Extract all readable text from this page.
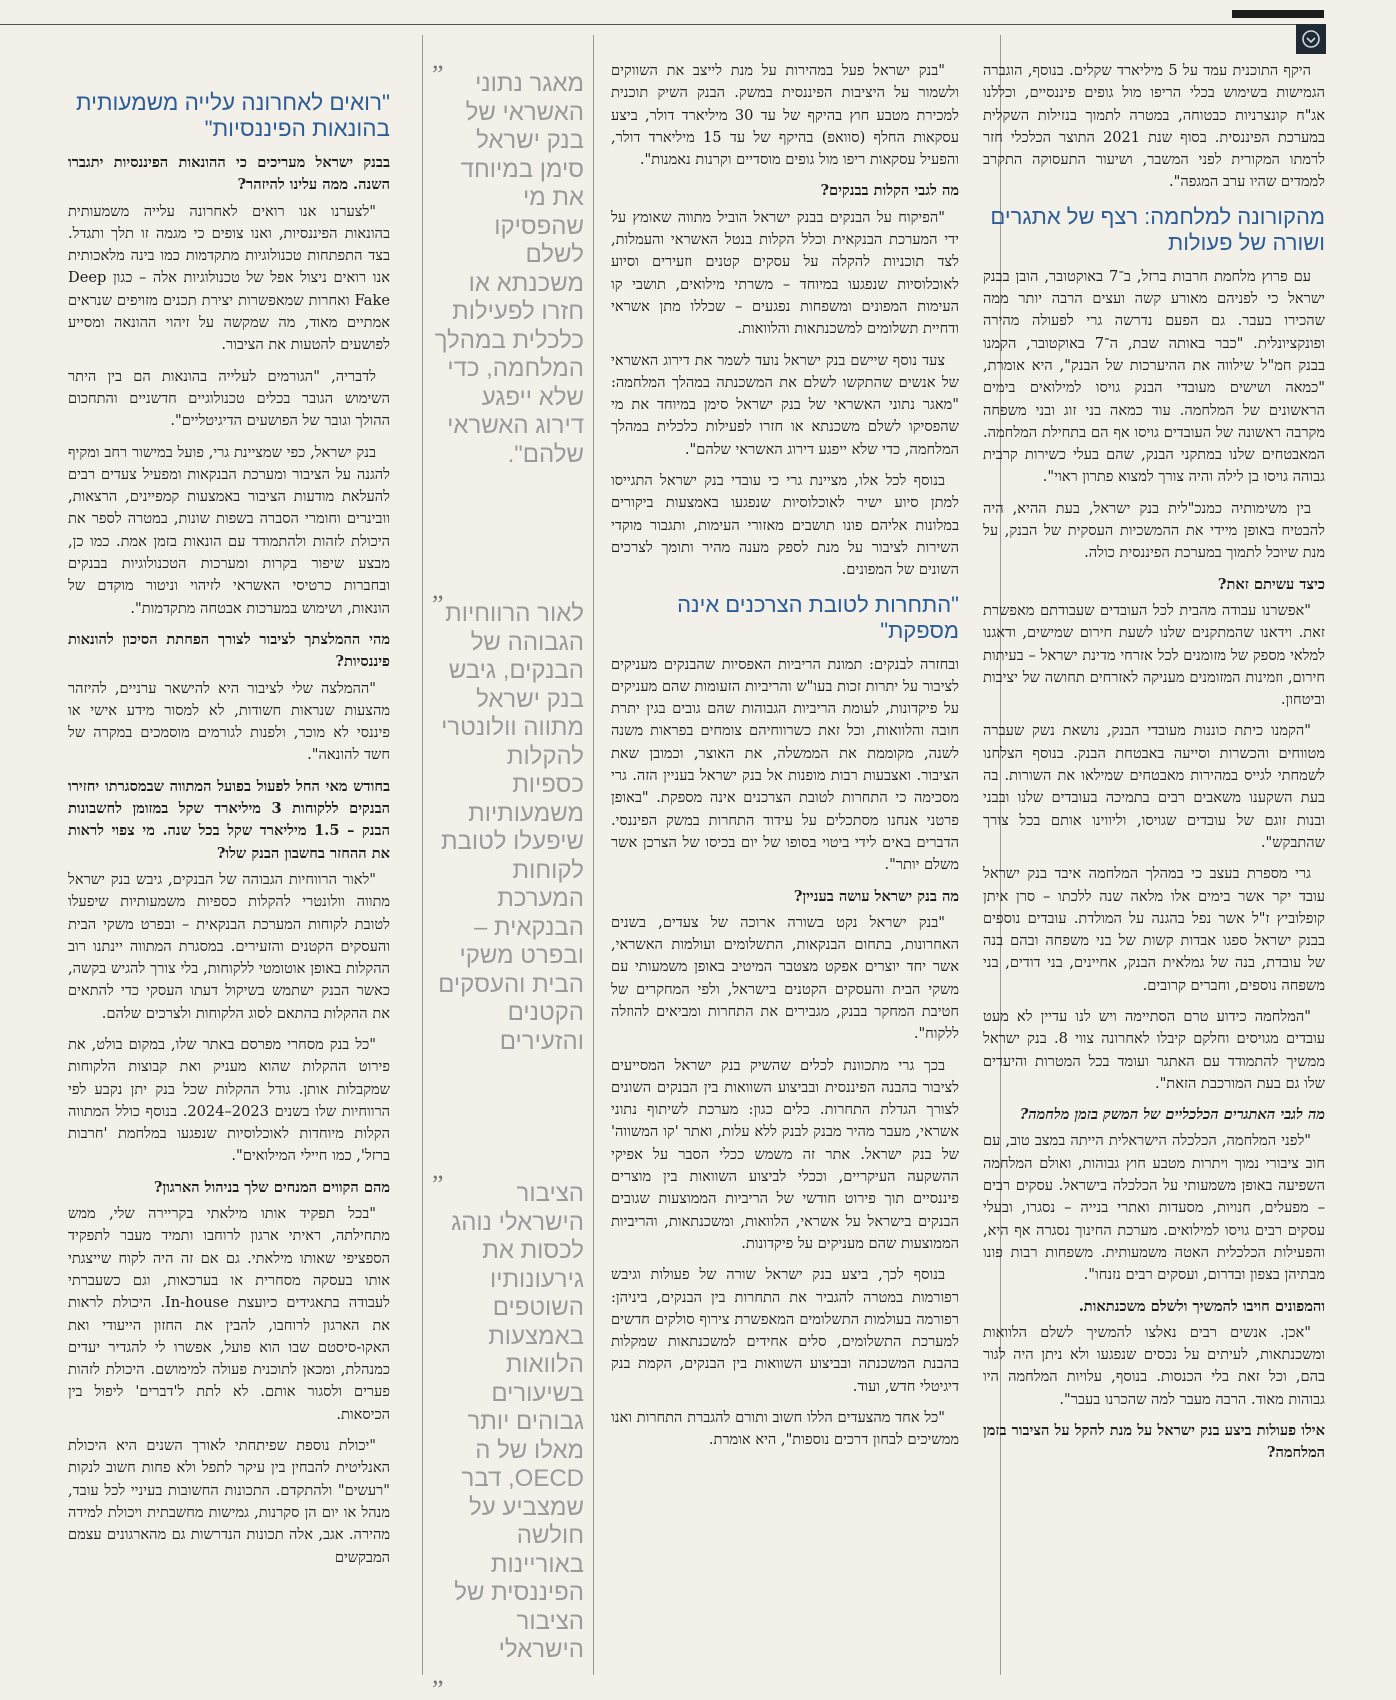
היקף התוכנית עמד על 5 מיליארד שקלים. בנוסף, הוגברה הגמישות בשימוש בכלי הריפו מול גופים פיננסיים, וכללנו אג"ח קונצרניות כבטוחה, במטרה לתמוך בנזילות השקלית במערכת הפיננסית. בסוף שנת 2021 התוצר הכלכלי חזר לרמתו המקורית לפני המשבר, ושיעור התעסוקה התקרב לממדים שהיו ערב המגפה".

מהקורונה למלחמה: רצף של אתגרים ושורה של פעולות

עם פרוץ מלחמת חרבות ברזל, ב־7 באוקטובר, הובן בבנק ישראל כי לפניהם מאורע קשה ועצים הרבה יותר ממה שהכירו בעבר. גם הפעם נדרשה גרי לפעולה מהירה ופונקציונלית. "כבר באותה שבת, ה־7 באוקטובר, הקמנו בבנק חמ"ל שילווה את ההיערכות של הבנק", היא אומרת, "כמאה ושישים מעובדי הבנק גויסו למילואים בימים הראשונים של המלחמה. עוד כמאה בני זוג ובני משפחה מקרבה ראשונה של העובדים גויסו אף הם בתחילת המלחמה. המאבטחים שלנו במתקני הבנק, שהם בעלי כשירות קרבית גבוהה גויסו בן לילה והיה צורך למצוא פתרון ראוי".

בין משימותיה כמנכ"לית בנק ישראל, בעת ההיא, היה להבטיח באופן מיידי את ההמשכיות העסקית של הבנק, על מנת שיוכל לתמוך במערכת הפיננסית כולה.

כיצד עשיתם זאת?

"אפשרנו עבודה מהבית לכל העובדים שעבודתם מאפשרת זאת. וידאנו שהמתקנים שלנו לשעת חירום שמישים, ודאגנו למלאי מספק של מזומנים לכל אזרחי מדינת ישראל – בעיתות חירום, וזמינות המזומנים מעניקה לאזרחים תחושה של יציבות וביטחון.

"הקמנו כיתת כוננות מעובדי הבנק, נושאת נשק שעברה מטווחים והכשרות וסייעה באבטחת הבנק. בנוסף הצלחנו לשמחתי לגייס במהירות מאבטחים שמילאו את השורות. בה בעת השקענו משאבים רבים בתמיכה בעובדים שלנו ובבני ובנות זוגם של עובדים שגויסו, וליווינו אותם בכל צורך שהתבקש".

גרי מספרת בעצב כי במהלך המלחמה איבד בנק ישראל עובד יקר אשר בימים אלו מלאה שנה ללכתו – סרן איתן קופלוביץ ז"ל אשר נפל בהגנה על המולדת. עובדים נוספים בבנק ישראל ספגו אבדות קשות של בני משפחה ובהם בנה של עובדת, בנה של גמלאית הבנק, אחיינים, בני דודים, בני משפחה נוספים, וחברים קרובים.

"המלחמה כידוע טרם הסתיימה ויש לנו עדיין לא מעט עובדים מגויסים וחלקם קיבלו לאחרונה צווי 8. בנק ישראל ממשיך להתמודד עם האתגר ועומד בכל המטרות והיעדים שלו גם בעת המורכבת הזאת".

מה לגבי האתגרים הכלכליים של המשק בזמן מלחמה?

"לפני המלחמה, הכלכלה הישראלית הייתה במצב טוב, עם חוב ציבורי נמוך ויתרות מטבע חוץ גבוהות, ואולם המלחמה השפיעה באופן משמעותי על הכלכלה בישראל. עסקים רבים – מפעלים, חנויות, מסעדות ואתרי בנייה – נסגרו, ובעלי עסקים רבים גויסו למילואים. מערכת החינוך נסגרה אף היא, והפעילות הכלכלית האטה משמעותית. משפחות רבות פונו מבתיהן בצפון ובדרום, ועסקים רבים נזנחו".

והמפונים חויבו להמשיך ולשלם משכנתאות.

"אכן. אנשים רבים נאלצו להמשיך לשלם הלוואות ומשכנתאות, לעיתים על נכסים שנפגעו ולא ניתן היה לגור בהם, וכל זאת בלי הכנסות. בנוסף, עלויות המלחמה היו גבוהות מאוד. הרבה מעבר למה שהכרנו בעבר".

אילו פעולות ביצע בנק ישראל על מנת להקל על הציבור בזמן המלחמה?

"בנק ישראל פעל במהירות על מנת לייצב את השווקים ולשמור על היציבות הפיננסית במשק. הבנק השיק תוכנית למכירת מטבע חוץ בהיקף של עד 30 מיליארד דולר, ביצע עסקאות החלף (סוואפ) בהיקף של עד 15 מיליארד דולר, והפעיל עסקאות ריפו מול גופים מוסדיים וקרנות נאמנות".

מה לגבי הקלות בבנקים?

"הפיקוח על הבנקים בבנק ישראל הוביל מתווה שאומץ על ידי המערכת הבנקאית וכלל הקלות בנטל האשראי והעמלות, לצד תוכניות להקלה על עסקים קטנים וזעירים וסיוע לאוכלוסיות שנפגעו במיוחד – משרתי מילואים, תושבי קו העימות המפונים ומשפחות נפגעים – שכללו מתן אשראי ודחיית תשלומים למשכנתאות והלוואות.

צעד נוסף שיישם בנק ישראל נועד לשמר את דירוג האשראי של אנשים שהתקשו לשלם את המשכנתה במהלך המלחמה: "מאגר נתוני האשראי של בנק ישראל סימן במיוחד את מי שהפסיקו לשלם משכנתא או חזרו לפעילות כלכלית במהלך המלחמה, כדי שלא ייפגע דירוג האשראי שלהם".

בנוסף לכל אלו, מציינת גרי כי עובדי בנק ישראל התגייסו למתן סיוע ישיר לאוכלוסיות שנפגעו באמצעות ביקורים במלונות אליהם פונו תושבים מאזורי העימות, ותגבור מוקדי השירות לציבור על מנת לספק מענה מהיר ותומך לצרכים השונים של המפונים.

"התחרות לטובת הצרכנים אינה מספקת"

ובחזרה לבנקים: תמונת הריביות האפסיות שהבנקים מעניקים לציבור על יתרות זכות בעו"ש והריביות הזעומות שהם מעניקים על פיקדונות, לעומת הריביות הגבוהות שהם גובים בגין יתרת חובה והלוואות, וכל זאת כשרווחיהם צומחים בפראות משנה לשנה, מקוממת את הממשלה, את האוצר, וכמובן שאת הציבור. ואצבעות רבות מופנות אל בנק ישראל בעניין הזה. גרי מסכימה כי התחרות לטובת הצרכנים אינה מספקת. "באופן פרטני אנחנו מסתכלים על עידוד התחרות במשק הפיננסי. הדברים באים לידי ביטוי בסופו של יום בכיסו של הצרכן אשר משלם יותר".

מה בנק ישראל עושה בעניין?

"בנק ישראל נקט בשורה ארוכה של צעדים, בשנים האחרונות, בתחום הבנקאות, התשלומים ועולמות האשראי, אשר יחד יוצרים אפקט מצטבר המיטיב באופן משמעותי עם משקי הבית והעסקים הקטנים בישראל, ולפי המחקרים של חטיבת המחקר בבנק, מגבירים את התחרות ומביאים להוזלה ללקוח".

בכך גרי מתכוונת לכלים שהשיק בנק ישראל המסייעים לציבור בהבנה הפיננסית ובביצוע השוואות בין הבנקים השונים לצורך הגדלת התחרות. כלים כגון: מערכת לשיתוף נתוני אשראי, מעבר מהיר מבנק לבנק ללא עלות, ואתר 'קו המשווה' של בנק ישראל. אתר זה משמש ככלי הסבר על אפיקי ההשקעה העיקריים, וככלי לביצוע השוואות בין מוצרים פיננסיים תוך פירוט חודשי של הריביות הממוצעות שגובים הבנקים בישראל על אשראי, הלוואות, ומשכנתאות, והריביות הממוצעות שהם מעניקים על פיקדונות.

בנוסף לכך, ביצע בנק ישראל שורה של פעולות וגיבש רפורמות במטרה להגביר את התחרות בין הבנקים, ביניהן: רפורמה בעולמות התשלומים המאפשרת צירוף סולקים חדשים למערכת התשלומים, סלים אחידים למשכנתאות שמקלות בהבנת המשכנתה ובביצוע השוואות בין הבנקים, הקמת בנק דיגיטלי חדש, ועוד.

"כל אחד מהצעדים הללו חשוב ותורם להגברת התחרות ואנו ממשיכים לבחון דרכים נוספות", היא אומרת.

"רואים לאחרונה עלייה משמעותית בהונאות הפיננסיות"

בבנק ישראל מעריכים כי ההונאות הפיננסיות יתגברו השנה. ממה עלינו להיזהר?

"לצערנו אנו רואים לאחרונה עלייה משמעותית בהונאות הפיננסיות, ואנו צופים כי מגמה זו תלך ותגדל. בצד התפתחות טכנולוגיות מתקדמות כמו בינה מלאכותית אנו רואים ניצול אפל של טכנולוגיות אלה – כגון Deep Fake ואחרות שמאפשרות יצירת תכנים מזויפים שנראים אמתיים מאוד, מה שמקשה על זיהוי ההונאה ומסייע לפושעים להטעות את הציבור.

לדבריה, "הגורמים לעלייה בהונאות הם בין היתר השימוש הגובר בכלים טכנולוגיים חדשניים והתחכום ההולך וגובר של הפושעים הדיגיטליים".

בנק ישראל, כפי שמציינת גרי, פועל במישור רחב ומקיף להגנה על הציבור ומערכת הבנקאות ומפעיל צעדים רבים להעלאת מודעות הציבור באמצעות קמפיינים, הרצאות, וובינרים וחומרי הסברה בשפות שונות, במטרה לספר את היכולת לזהות ולהתמודד עם הונאות בזמן אמת. כמו כן, מבצע שיפור בקרות ומערכות הטכנולוגיות בבנקים ובחברות כרטיסי האשראי לזיהוי וניטור מוקדם של הונאות, ושימוש במערכות אבטחה מתקדמות".

מהי ההמלצתך לציבור לצורך הפחתת הסיכון להונאות פיננסיות?

"ההמלצה שלי לציבור היא להישאר ערניים, להיזהר מהצעות שנראות חשודות, לא למסור מידע אישי או פיננסי לא מוכר, ולפנות לגורמים מוסמכים במקרה של חשד להונאה".

בחודש מאי החל לפעול בפועל המתווה שבמסגרתו יחזירו הבנקים ללקוחות 3 מיליארד שקל במזומן לחשבונות הבנק – 1.5 מיליארד שקל בכל שנה. מי צפוי לראות את ההחזר בחשבון הבנק שלו?

"לאור הרווחיות הגבוהה של הבנקים, גיבש בנק ישראל מתווה וולונטרי להקלות כספיות משמעותיות שיפעלו לטובת לקוחות המערכת הבנקאית – ובפרט משקי הבית והעסקים הקטנים והזעירים. במסגרת המתווה יינתנו רוב ההקלות באופן אוטומטי ללקוחות, בלי צורך להגיש בקשה, כאשר הבנק ישתמש בשיקול דעתו העסקי כדי להתאים את ההקלות בהתאם לסוג הלקוחות ולצרכים שלהם.

"כל בנק מסחרי מפרסם באתר שלו, במקום בולט, את פירוט ההקלות שהוא מעניק ואת קבוצות הלקוחות שמקבלות אותן. גודל ההקלות שכל בנק יתן נקבע לפי הרווחיות שלו בשנים 2023–2024. בנוסף כולל המתווה הקלות מיוחדות לאוכלוסיות שנפגעו במלחמת 'חרבות ברזל', כמו חיילי המילואים".

מהם הקווים המנחים שלך בניהול הארגון?

"בכל תפקיד אותו מילאתי בקריירה שלי, ממש מתחילתה, ראיתי ארגון לרוחבו ותמיד מעבר לתפקיד הספציפי שאותו מילאתי. גם אם זה היה לקוח שייצגתי אותו בעסקה מסחרית או בערכאות, וגם כשעברתי לעבודה בתאגידים כיועצת In-house. היכולת לראות את הארגון לרוחבו, להבין את החזון הייעודי ואת האקו-סיסטם שבו הוא פועל, אפשרו לי להגדיר יעדים כמנהלת, ומכאן לתוכנית פעולה למימושם. היכולת לזהות פערים ולסגור אותם. לא לתת ל'דברים' ליפול בין הכיסאות.

"יכולת נוספת שפיתחתי לאורך השנים היא היכולת האנליטית להבחין בין עיקר לתפל ולא פחות חשוב לנקות "רעשים" ולהתקדם. התכונות החשובות בעיניי לכל עובד, מנהל או יום הן סקרנות, גמישות מחשבתית ויכולת למידה מהירה. אגב, אלה תכונות הנדרשות גם מהארגונים עצמם המבקשים

„
מאגר נתוני האשראי של בנק ישראל סימן במיוחד את מי שהפסיקו לשלם משכנתא או חזרו לפעילות כלכלית במהלך המלחמה, כדי שלא ייפגע דירוג האשראי שלהם".
„
לאור הרווחיות הגבוהה של הבנקים, גיבש בנק ישראל מתווה וולונטרי להקלות כספיות משמעותיות שיפעלו לטובת לקוחות המערכת הבנקאית – ובפרט משקי הבית והעסקים הקטנים והזעירים
„
הציבור הישראלי נוהג לכסות את גירעונותיו השוטפים באמצעות הלוואות בשיעורים גבוהים יותר מאלו של ה OECD, דבר שמצביע על חולשה באוריינות הפיננסית של הציבור הישראלי
„
